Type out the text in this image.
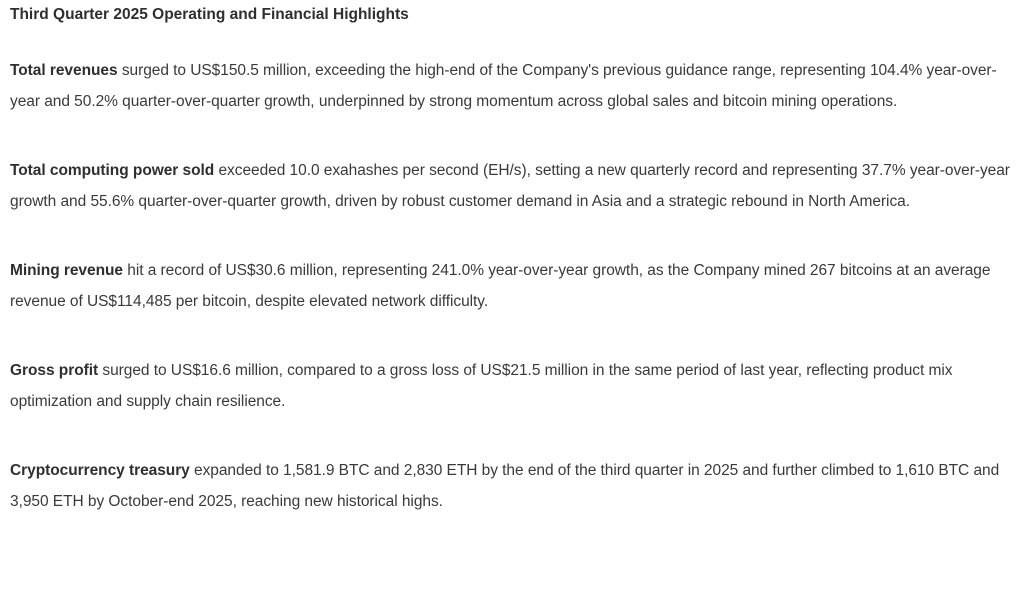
Third Quarter 2025 Operating and Financial Highlights

Total revenues surged to US$150.5 million, exceeding the high-end of the Company's previous guidance range, representing 104.4% year-over-year and 50.2% quarter-over-quarter growth, underpinned by strong momentum across global sales and bitcoin mining operations.

Total computing power sold exceeded 10.0 exahashes per second (EH/s), setting a new quarterly record and representing 37.7% year-over-year growth and 55.6% quarter-over-quarter growth, driven by robust customer demand in Asia and a strategic rebound in North America.

Mining revenue hit a record of US$30.6 million, representing 241.0% year-over-year growth, as the Company mined 267 bitcoins at an average revenue of US$114,485 per bitcoin, despite elevated network difficulty.

Gross profit surged to US$16.6 million, compared to a gross loss of US$21.5 million in the same period of last year, reflecting product mix optimization and supply chain resilience.

Cryptocurrency treasury expanded to 1,581.9 BTC and 2,830 ETH by the end of the third quarter in 2025 and further climbed to 1,610 BTC and 3,950 ETH by October-end 2025, reaching new historical highs.
